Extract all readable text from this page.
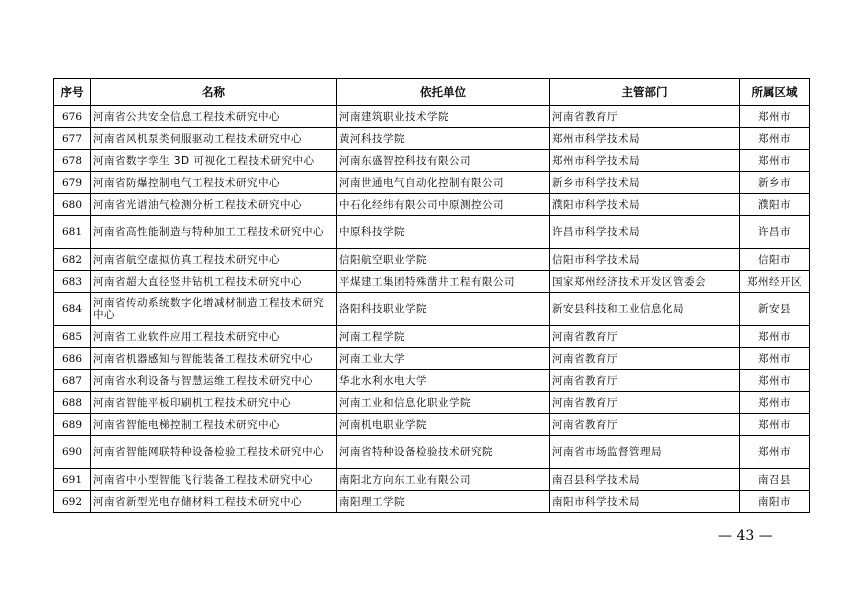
序号	名称	依托单位	主管部门	所属区域
676	河南省公共安全信息工程技术研究中心	河南建筑职业技术学院	河南省教育厅	郑州市
677	河南省风机泵类伺服驱动工程技术研究中心	黄河科技学院	郑州市科学技术局	郑州市
678	河南省数字孪生 3D 可视化工程技术研究中心	河南东盛智控科技有限公司	郑州市科学技术局	郑州市
679	河南省防爆控制电气工程技术研究中心	河南世通电气自动化控制有限公司	新乡市科学技术局	新乡市
680	河南省光谱油气检测分析工程技术研究中心	中石化经纬有限公司中原测控公司	濮阳市科学技术局	濮阳市
681	河南省高性能制造与特种加工工程技术研究中心	中原科技学院	许昌市科学技术局	许昌市
682	河南省航空虚拟仿真工程技术研究中心	信阳航空职业学院	信阳市科学技术局	信阳市
683	河南省超大直径竖井钻机工程技术研究中心	平煤建工集团特殊凿井工程有限公司	国家郑州经济技术开发区管委会	郑州经开区
684	河南省传动系统数字化增减材制造工程技术研究中心	洛阳科技职业学院	新安县科技和工业信息化局	新安县
685	河南省工业软件应用工程技术研究中心	河南工程学院	河南省教育厅	郑州市
686	河南省机器感知与智能装备工程技术研究中心	河南工业大学	河南省教育厅	郑州市
687	河南省水利设备与智慧运维工程技术研究中心	华北水利水电大学	河南省教育厅	郑州市
688	河南省智能平板印刷机工程技术研究中心	河南工业和信息化职业学院	河南省教育厅	郑州市
689	河南省智能电梯控制工程技术研究中心	河南机电职业学院	河南省教育厅	郑州市
690	河南省智能网联特种设备检验工程技术研究中心	河南省特种设备检验技术研究院	河南省市场监督管理局	郑州市
691	河南省中小型智能飞行装备工程技术研究中心	南阳北方向东工业有限公司	南召县科学技术局	南召县
692	河南省新型光电存储材料工程技术研究中心	南阳理工学院	南阳市科学技术局	南阳市
— 43 —
